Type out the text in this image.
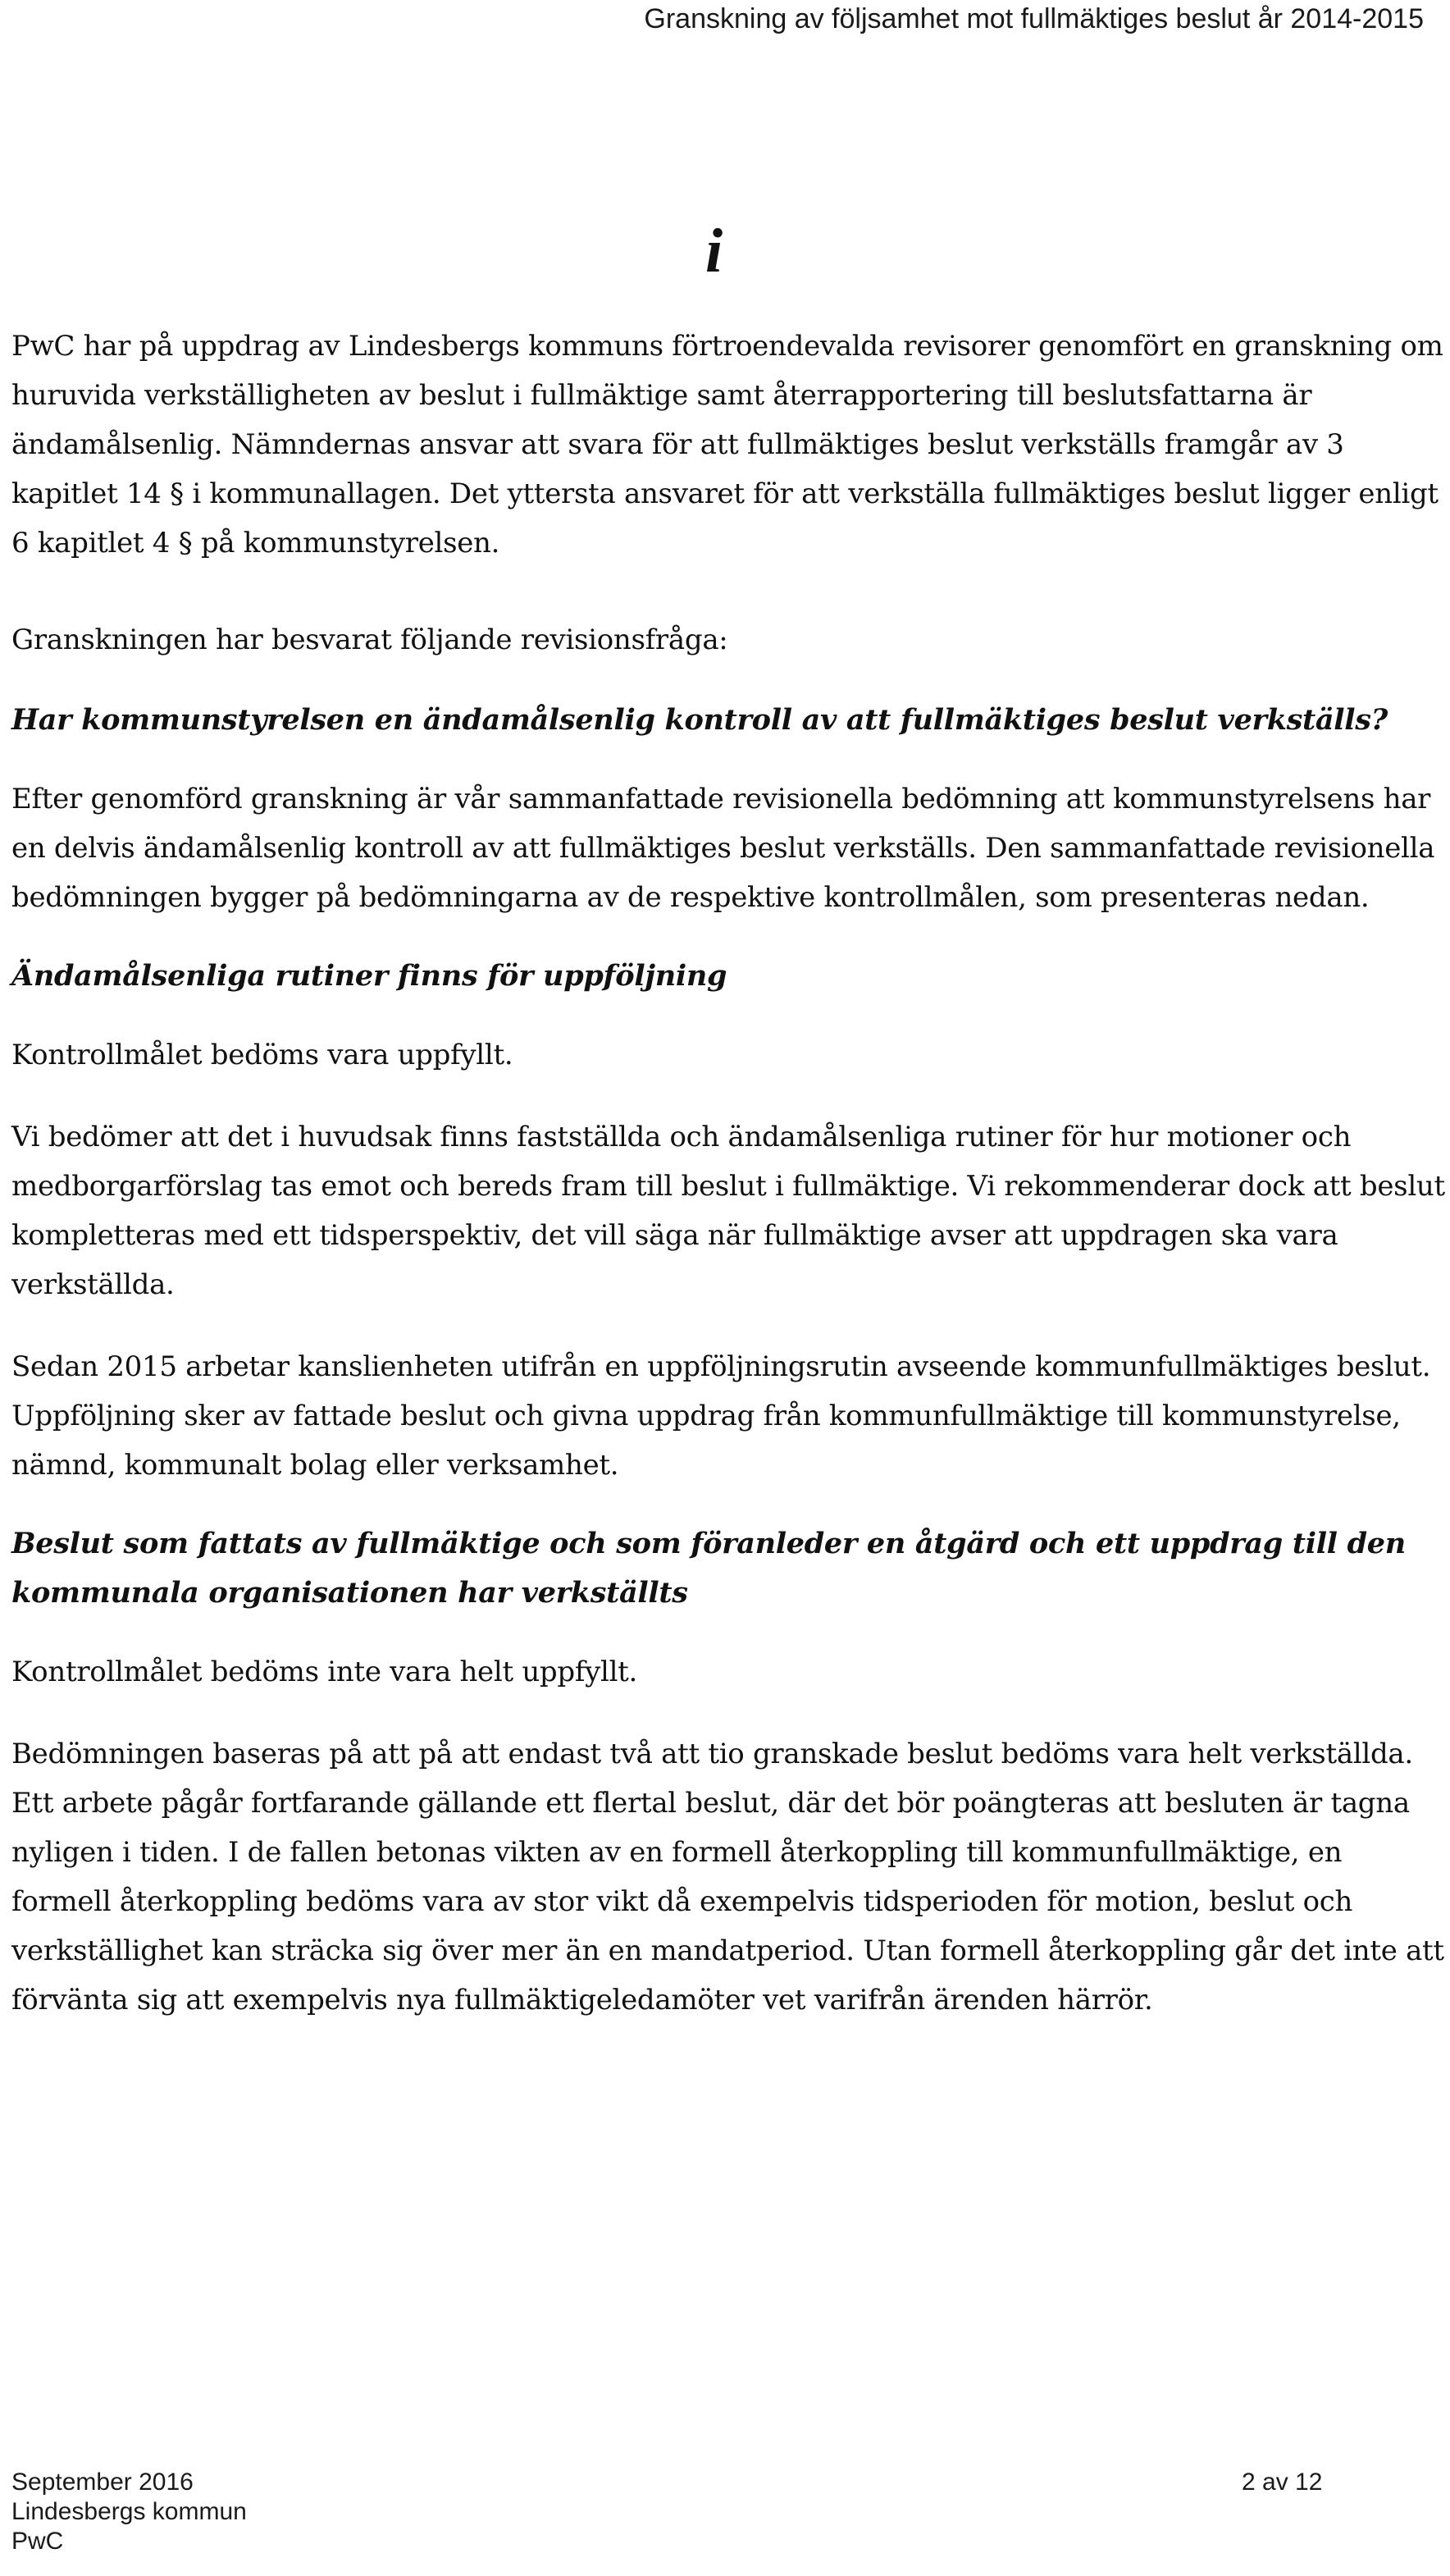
Granskning av följsamhet mot fullmäktiges beslut år 2014-2015
i

PwC har på uppdrag av Lindesbergs kommuns förtroendevalda revisorer genomfört en granskning om huruvida verkställigheten av beslut i fullmäktige samt återrapportering till beslutsfattarna är ändamålsenlig. Nämndernas ansvar att svara för att fullmäktiges beslut verkställs framgår av 3 kapitlet 14 § i kommunallagen. Det yttersta ansvaret för att verkställa fullmäktiges beslut ligger enligt 6 kapitlet 4 § på kommunstyrelsen.

Granskningen har besvarat följande revisionsfråga:

Har kommunstyrelsen en ändamålsenlig kontroll av att fullmäktiges beslut verkställs?

Efter genomförd granskning är vår sammanfattade revisionella bedömning att kommunstyrelsens har en delvis ändamålsenlig kontroll av att fullmäktiges beslut verkställs. Den sammanfattade revisionella bedömningen bygger på bedömningarna av de respektive kontrollmålen, som presenteras nedan.

Ändamålsenliga rutiner finns för uppföljning

Kontrollmålet bedöms vara uppfyllt.

Vi bedömer att det i huvudsak finns fastställda och ändamålsenliga rutiner för hur motioner och medborgarförslag tas emot och bereds fram till beslut i fullmäktige. Vi rekommenderar dock att beslut kompletteras med ett tidsperspektiv, det vill säga när fullmäktige avser att uppdragen ska vara verkställda.

Sedan 2015 arbetar kanslienheten utifrån en uppföljningsrutin avseende kommunfullmäktiges beslut. Uppföljning sker av fattade beslut och givna uppdrag från kommunfullmäktige till kommunstyrelse, nämnd, kommunalt bolag eller verksamhet.

Beslut som fattats av fullmäktige och som föranleder en åtgärd och ett uppdrag till den kommunala organisationen har verkställts

Kontrollmålet bedöms inte vara helt uppfyllt.

Bedömningen baseras på att på att endast två att tio granskade beslut bedöms vara helt verkställda. Ett arbete pågår fortfarande gällande ett flertal beslut, där det bör poängteras att besluten är tagna nyligen i tiden. I de fallen betonas vikten av en formell återkoppling till kommunfullmäktige, en formell återkoppling bedöms vara av stor vikt då exempelvis tidsperioden för motion, beslut och verkställighet kan sträcka sig över mer än en mandatperiod. Utan formell återkoppling går det inte att förvänta sig att exempelvis nya fullmäktigeledamöter vet varifrån ärenden härrör.

September 2016
Lindesbergs kommun
PwC
2 av 12
